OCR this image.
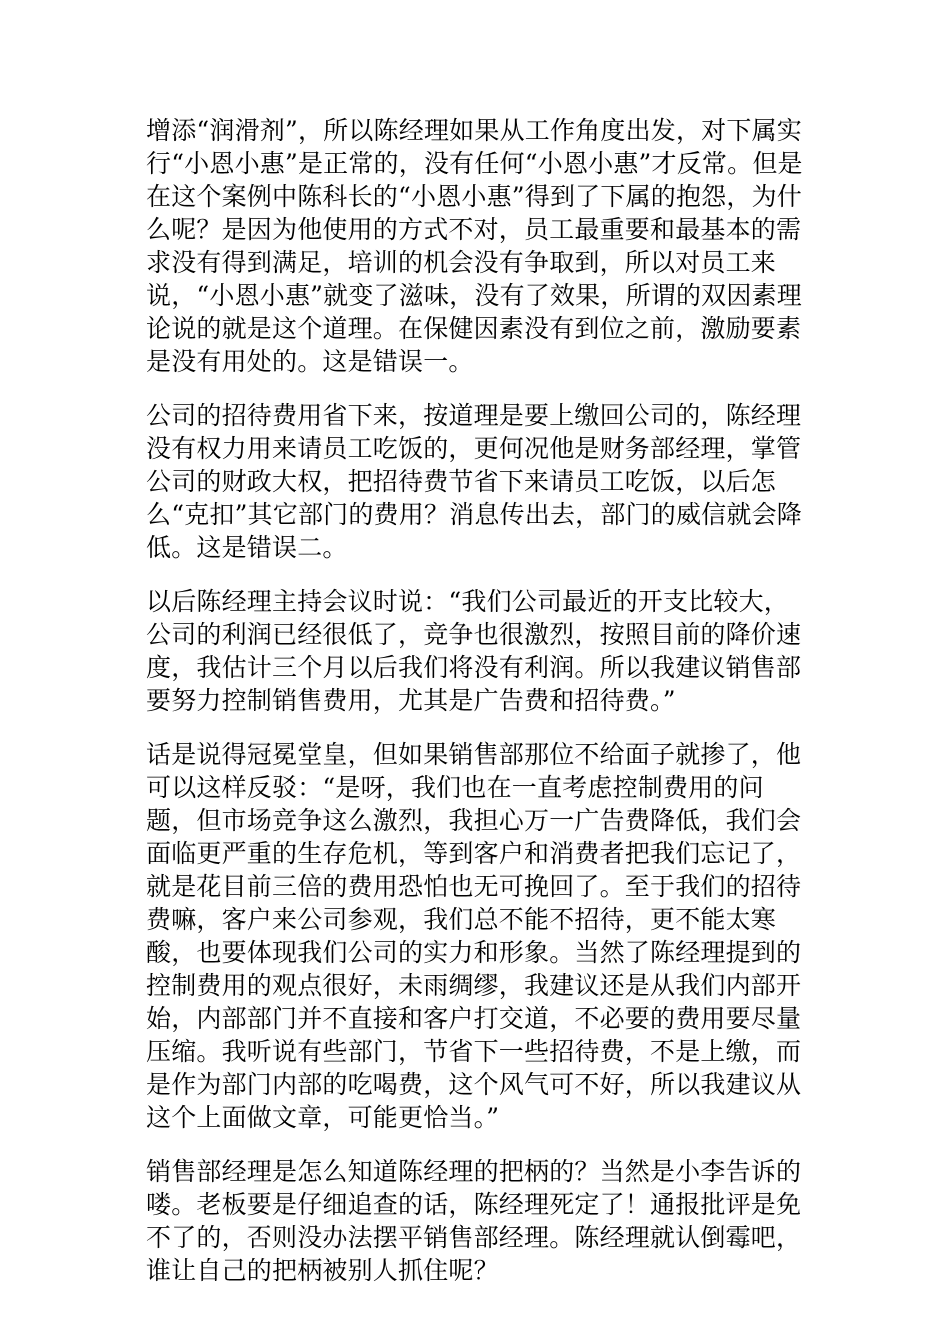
增添“润滑剂”，所以陈经理如果从工作角度出发，对下属实行“小恩小惠”是正常的，没有任何“小恩小惠”才反常。但是在这个案例中陈科长的“小恩小惠”得到了下属的抱怨，为什么呢？是因为他使用的方式不对，员工最重要和最基本的需求没有得到满足，培训的机会没有争取到，所以对员工来说，“小恩小惠”就变了滋味，没有了效果，所谓的双因素理论说的就是这个道理。在保健因素没有到位之前，激励要素是没有用处的。这是错误一。

公司的招待费用省下来，按道理是要上缴回公司的，陈经理没有权力用来请员工吃饭的，更何况他是财务部经理，掌管公司的财政大权，把招待费节省下来请员工吃饭，以后怎么“克扣”其它部门的费用？消息传出去，部门的威信就会降低。这是错误二。

以后陈经理主持会议时说：“我们公司最近的开支比较大，公司的利润已经很低了，竞争也很激烈，按照目前的降价速度，我估计三个月以后我们将没有利润。所以我建议销售部要努力控制销售费用，尤其是广告费和招待费。”

话是说得冠冕堂皇，但如果销售部那位不给面子就掺了，他可以这样反驳：“是呀，我们也在一直考虑控制费用的问题，但市场竞争这么激烈，我担心万一广告费降低，我们会面临更严重的生存危机，等到客户和消费者把我们忘记了，就是花目前三倍的费用恐怕也无可挽回了。至于我们的招待费嘛，客户来公司参观，我们总不能不招待，更不能太寒酸，也要体现我们公司的实力和形象。当然了陈经理提到的控制费用的观点很好，未雨绸缪，我建议还是从我们内部开始，内部部门并不直接和客户打交道，不必要的费用要尽量压缩。我听说有些部门，节省下一些招待费，不是上缴，而是作为部门内部的吃喝费，这个风气可不好，所以我建议从这个上面做文章，可能更恰当。”

销售部经理是怎么知道陈经理的把柄的？当然是小李告诉的喽。老板要是仔细追查的话，陈经理死定了！通报批评是免不了的，否则没办法摆平销售部经理。陈经理就认倒霉吧，谁让自己的把柄被别人抓住呢？
